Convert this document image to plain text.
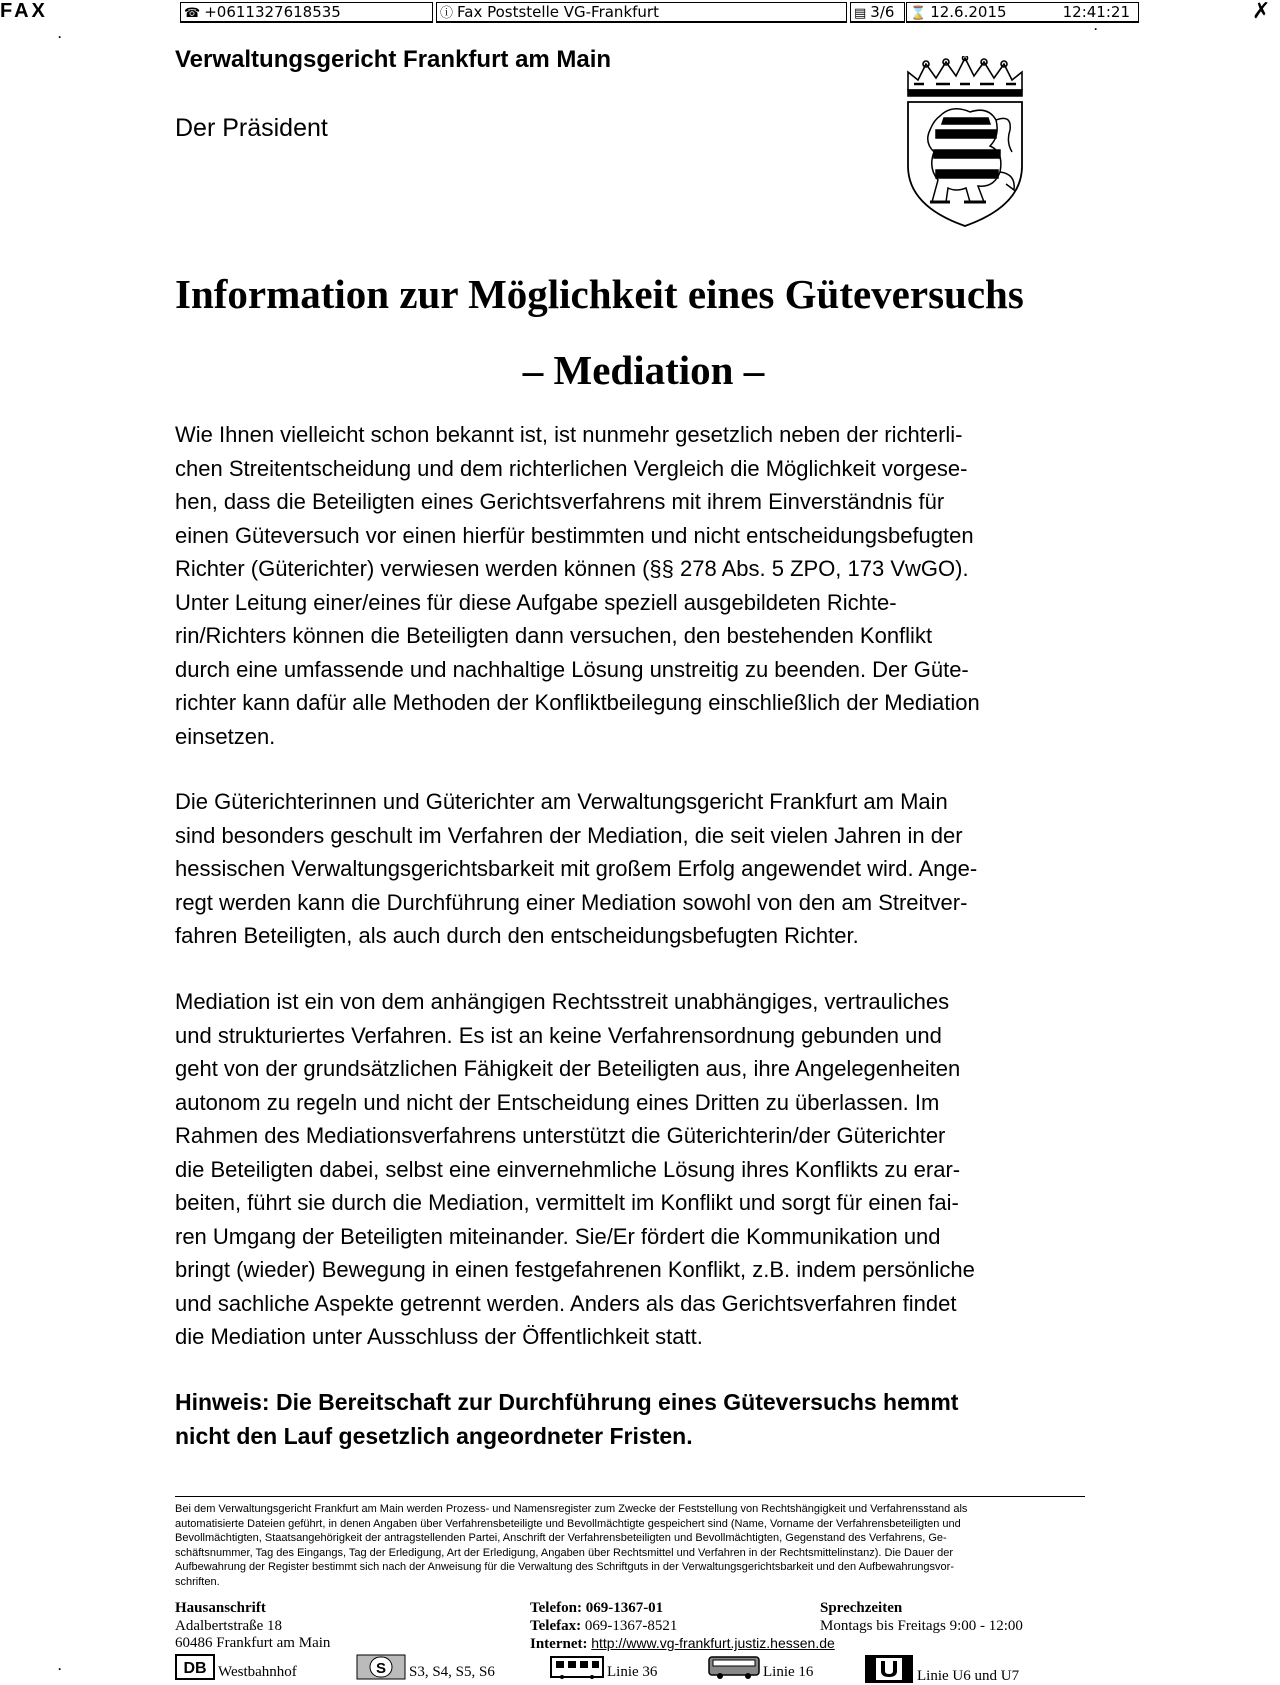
FAX	☎ +0611327618535	ⓘ Fax Poststelle VG-Frankfurt	▤ 3/6	⌛ 12.6.2015	12:41:21	✗
·
·
·
Verwaltungsgericht Frankfurt am Main
Der Präsident
Information zur Möglichkeit eines Güteversuchs
– Mediation –
Wie Ihnen vielleicht schon bekannt ist, ist nunmehr gesetzlich neben der richterli-
chen Streitentscheidung und dem richterlichen Vergleich die Möglichkeit vorgese-
hen, dass die Beteiligten eines Gerichtsverfahrens mit ihrem Einverständnis für
einen Güteversuch vor einen hierfür bestimmten und nicht entscheidungsbefugten
Richter (Güterichter) verwiesen werden können (§§ 278 Abs. 5 ZPO, 173 VwGO).
Unter Leitung einer/eines für diese Aufgabe speziell ausgebildeten Richte-
rin/Richters können die Beteiligten dann versuchen, den bestehenden Konflikt
durch eine umfassende und nachhaltige Lösung unstreitig zu beenden. Der Güte-
richter kann dafür alle Methoden der Konfliktbeilegung einschließlich der Mediation
einsetzen.
Die Güterichterinnen und Güterichter am Verwaltungsgericht Frankfurt am Main
sind besonders geschult im Verfahren der Mediation, die seit vielen Jahren in der
hessischen Verwaltungsgerichtsbarkeit mit großem Erfolg angewendet wird. Ange-
regt werden kann die Durchführung einer Mediation sowohl von den am Streitver-
fahren Beteiligten, als auch durch den entscheidungsbefugten Richter.
Mediation ist ein von dem anhängigen Rechtsstreit unabhängiges, vertrauliches
und strukturiertes Verfahren. Es ist an keine Verfahrensordnung gebunden und
geht von der grundsätzlichen Fähigkeit der Beteiligten aus, ihre Angelegenheiten
autonom zu regeln und nicht der Entscheidung eines Dritten zu überlassen. Im
Rahmen des Mediationsverfahrens unterstützt die Güterichterin/der Güterichter
die Beteiligten dabei, selbst eine einvernehmliche Lösung ihres Konflikts zu erar-
beiten, führt sie durch die Mediation, vermittelt im Konflikt und sorgt für einen fai-
ren Umgang der Beteiligten miteinander. Sie/Er fördert die Kommunikation und
bringt (wieder) Bewegung in einen festgefahrenen Konflikt, z.B. indem persönliche
und sachliche Aspekte getrennt werden. Anders als das Gerichtsverfahren findet
die Mediation unter Ausschluss der Öffentlichkeit statt.
Hinweis: Die Bereitschaft zur Durchführung eines Güteversuchs hemmt
nicht den Lauf gesetzlich angeordneter Fristen.
Bei dem Verwaltungsgericht Frankfurt am Main werden Prozess- und Namensregister zum Zwecke der Feststellung von Rechtshängigkeit und Verfahrensstand als
automatisierte Dateien geführt, in denen Angaben über Verfahrensbeteiligte und Bevollmächtigte gespeichert sind (Name, Vorname der Verfahrensbeteiligten und
Bevollmächtigten, Staatsangehörigkeit der antragstellenden Partei, Anschrift der Verfahrensbeteiligten und Bevollmächtigten, Gegenstand des Verfahrens, Ge-
schäftsnummer, Tag des Eingangs, Tag der Erledigung, Art der Erledigung, Angaben über Rechtsmittel und Verfahren in der Rechtsmittelinstanz). Die Dauer der
Aufbewahrung der Register bestimmt sich nach der Anweisung für die Verwaltung des Schriftguts in der Verwaltungsgerichtsbarkeit und den Aufbewahrungsvor-
schriften.
Hausanschrift
Adalbertstraße 18
60486 Frankfurt am Main
Telefon: 069-1367-01
Telefax: 069-1367-8521
Internet: http://www.vg-frankfurt.justiz.hessen.de
Sprechzeiten
Montags bis Freitags 9:00 - 12:00
DB Westbahnhof	S S3, S4, S5, S6	Linie 36	Linie 16	Linie U6 und U7
